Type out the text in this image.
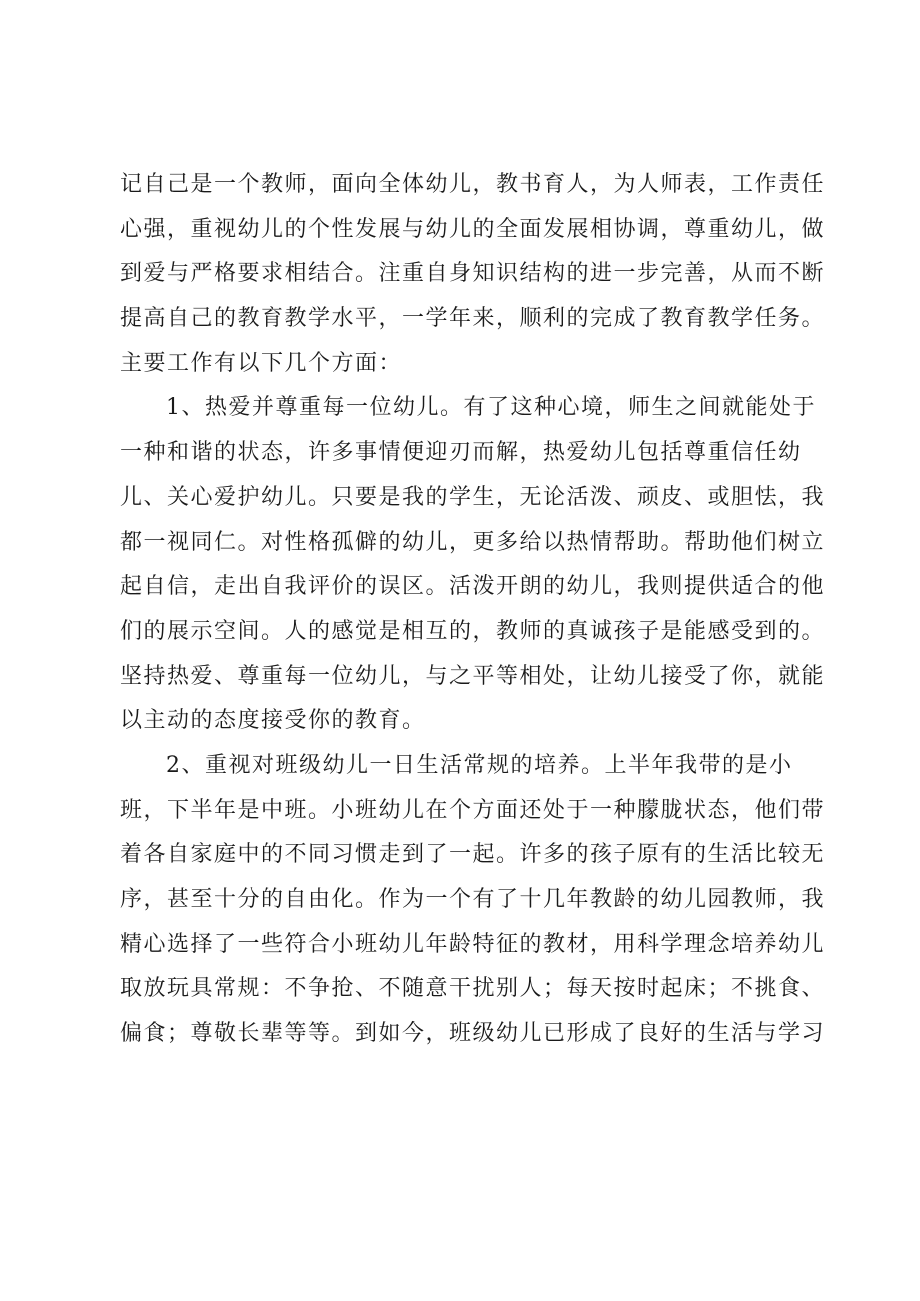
记自己是一个教师，面向全体幼儿，教书育人，为人师表，工作责任
心强，重视幼儿的个性发展与幼儿的全面发展相协调，尊重幼儿，做
到爱与严格要求相结合。注重自身知识结构的进一步完善，从而不断
提高自己的教育教学水平，一学年来，顺利的完成了教育教学任务。
主要工作有以下几个方面：
1、热爱并尊重每一位幼儿。有了这种心境，师生之间就能处于
一种和谐的状态，许多事情便迎刃而解，热爱幼儿包括尊重信任幼
儿、关心爱护幼儿。只要是我的学生，无论活泼、顽皮、或胆怯，我
都一视同仁。对性格孤僻的幼儿，更多给以热情帮助。帮助他们树立
起自信，走出自我评价的误区。活泼开朗的幼儿，我则提供适合的他
们的展示空间。人的感觉是相互的，教师的真诚孩子是能感受到的。
坚持热爱、尊重每一位幼儿，与之平等相处，让幼儿接受了你，就能
以主动的态度接受你的教育。
2、重视对班级幼儿一日生活常规的培养。上半年我带的是小
班，下半年是中班。小班幼儿在个方面还处于一种朦胧状态，他们带
着各自家庭中的不同习惯走到了一起。许多的孩子原有的生活比较无
序，甚至十分的自由化。作为一个有了十几年教龄的幼儿园教师，我
精心选择了一些符合小班幼儿年龄特征的教材，用科学理念培养幼儿
取放玩具常规：不争抢、不随意干扰别人；每天按时起床；不挑食、
偏食；尊敬长辈等等。到如今，班级幼儿已形成了良好的生活与学习
